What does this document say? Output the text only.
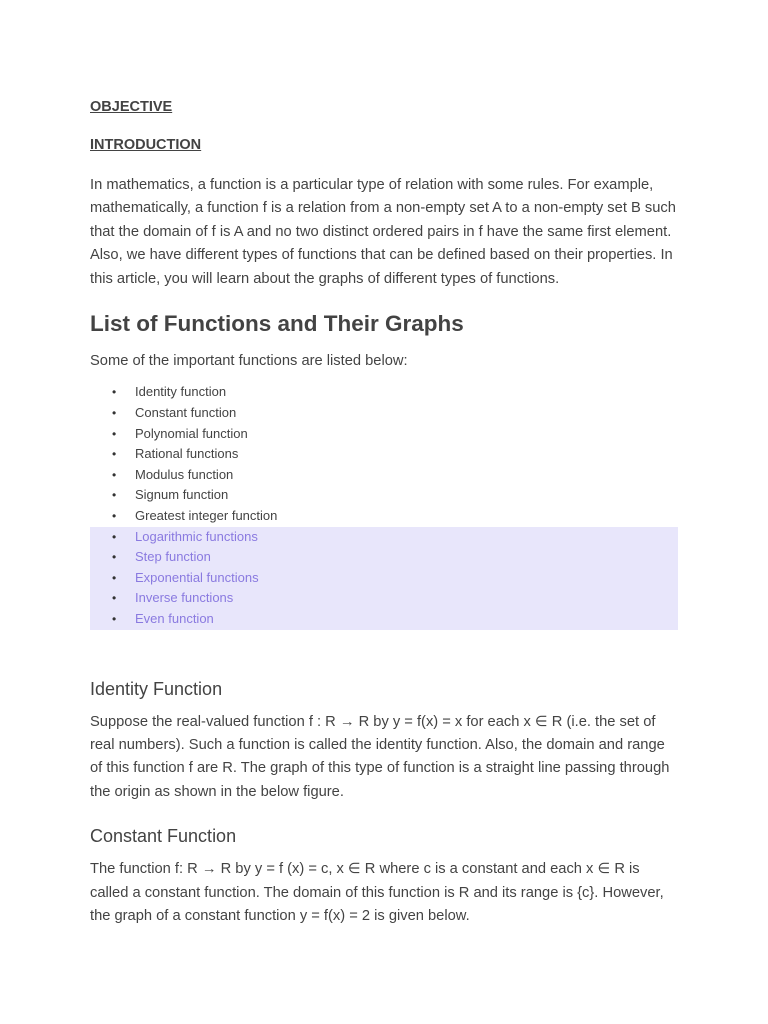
OBJECTIVE

INTRODUCTION

In mathematics, a function is a particular type of relation with some rules. For example, mathematically, a function f is a relation from a non-empty set A to a non-empty set B such that the domain of f is A and no two distinct ordered pairs in f have the same first element. Also, we have different types of functions that can be defined based on their properties. In this article, you will learn about the graphs of different types of functions.

List of Functions and Their Graphs

Some of the important functions are listed below:

• Identity function
• Constant function
• Polynomial function
• Rational functions
• Modulus function
• Signum function
• Greatest integer function
• Logarithmic functions
• Step function
• Exponential functions
• Inverse functions
• Even function
Identity Function

Suppose the real-valued function f : R → R by y = f(x) = x for each x ∈ R (i.e. the set of real numbers). Such a function is called the identity function. Also, the domain and range of this function f are R. The graph of this type of function is a straight line passing through the origin as shown in the below figure.

Constant Function

The function f: R → R by y = f (x) = c, x ∈ R where c is a constant and each x ∈ R is called a constant function. The domain of this function is R and its range is {c}. However, the graph of a constant function y = f(x) = 2 is given below.
